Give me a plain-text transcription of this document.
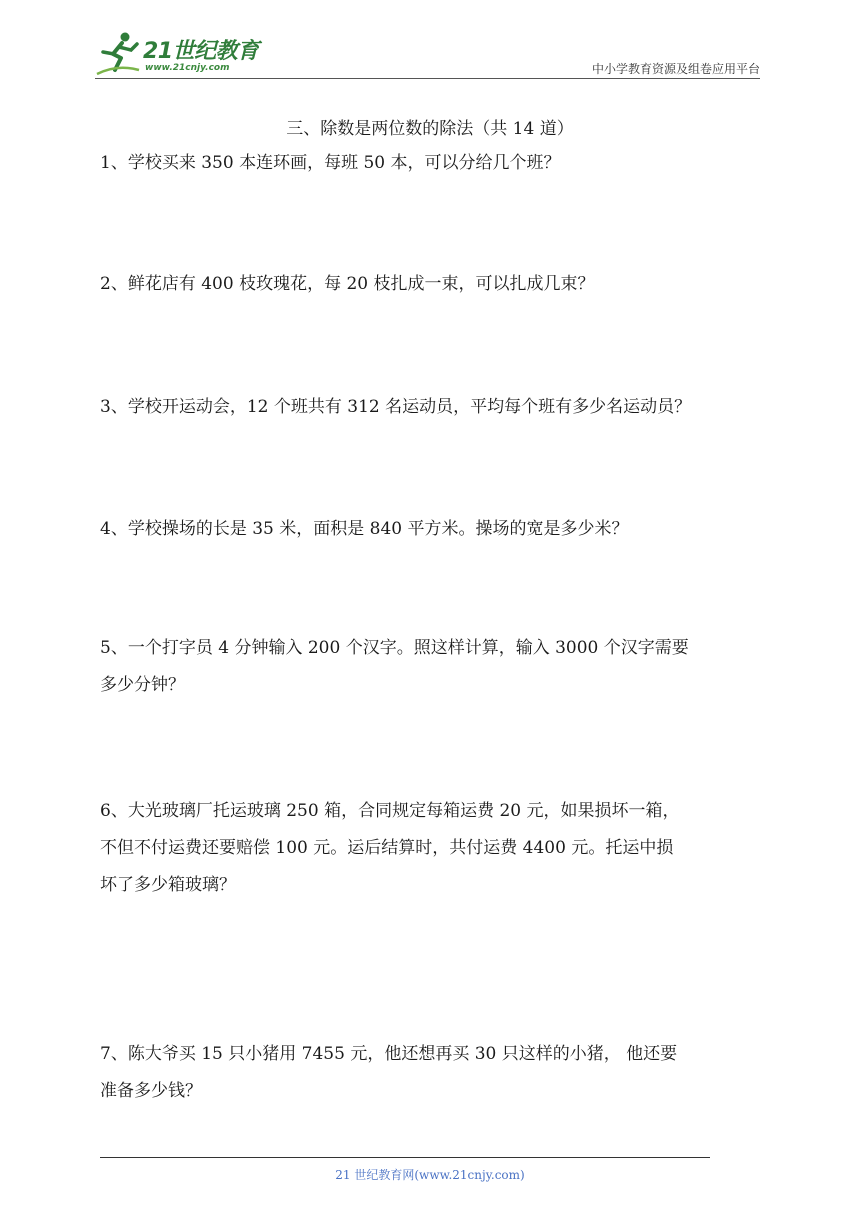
21世纪教育
www.21cnjy.com	中小学教育资源及组卷应用平台
三、除数是两位数的除法（共 14 道）

1、学校买来 350 本连环画，每班 50 本，可以分给几个班？

2、鲜花店有 400 枝玫瑰花，每 20 枝扎成一束，可以扎成几束？

3、学校开运动会，12 个班共有 312 名运动员，平均每个班有多少名运动员？

4、学校操场的长是 35 米，面积是 840 平方米。操场的宽是多少米？

5、一个打字员 4 分钟输入 200 个汉字。照这样计算，输入 3000 个汉字需要

多少分钟？

6、大光玻璃厂托运玻璃 250 箱，合同规定每箱运费 20 元，如果损坏一箱，

不但不付运费还要赔偿 100 元。运后结算时，共付运费 4400 元。托运中损

坏了多少箱玻璃？

7、陈大爷买 15 只小猪用 7455 元，他还想再买 30 只这样的小猪， 他还要

准备多少钱？

21 世纪教育网(www.21cnjy.com)
